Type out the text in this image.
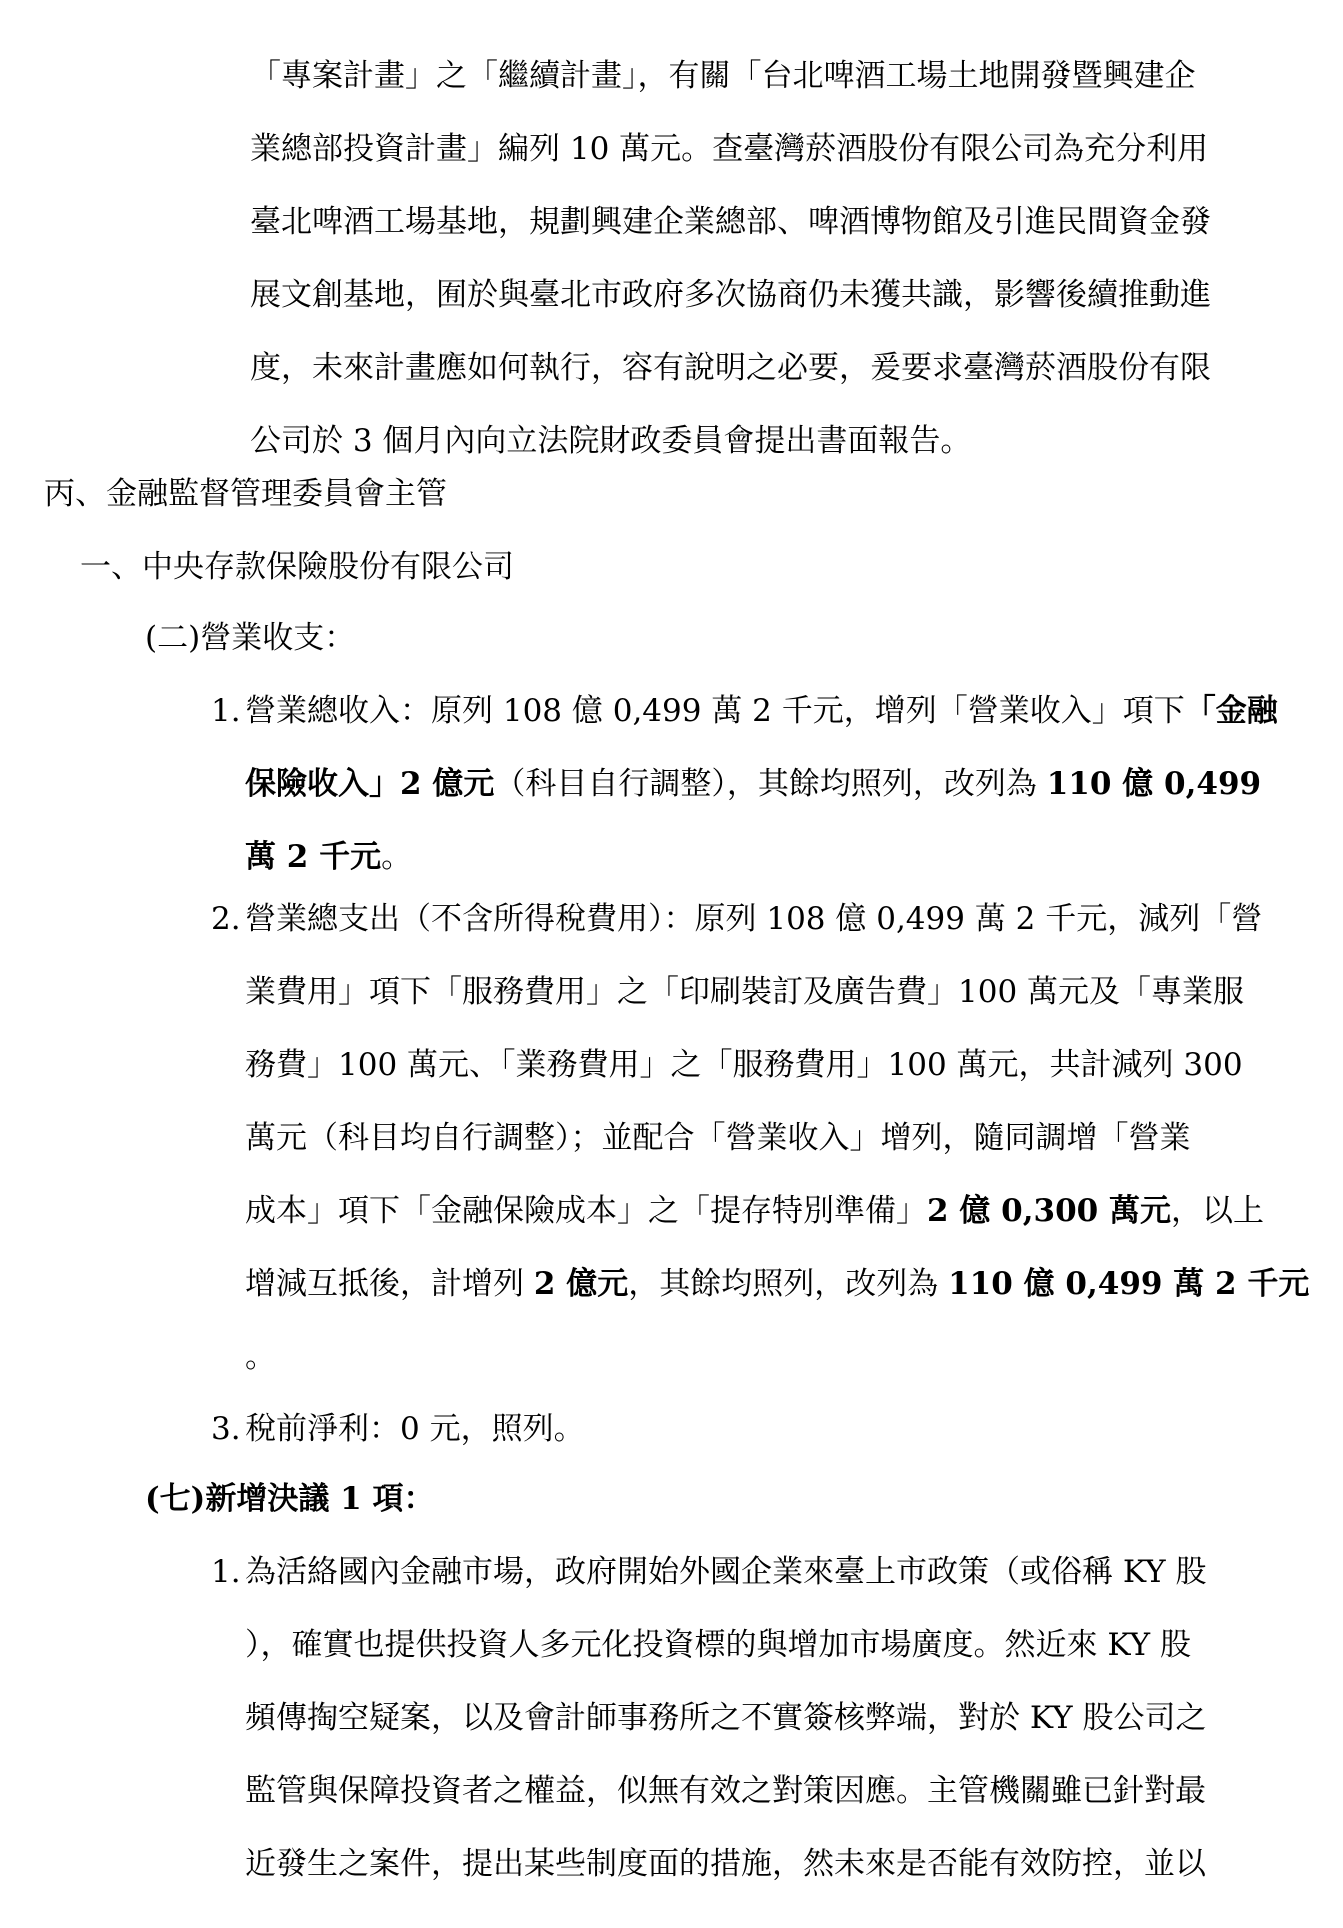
「專案計畫」之「繼續計畫」，有關「台北啤酒工場土地開發暨興建企
業總部投資計畫」編列 10 萬元。查臺灣菸酒股份有限公司為充分利用
臺北啤酒工場基地，規劃興建企業總部、啤酒博物館及引進民間資金發
展文創基地，囿於與臺北市政府多次協商仍未獲共識，影響後續推動進
度，未來計畫應如何執行，容有說明之必要，爰要求臺灣菸酒股份有限
公司於 3 個月內向立法院財政委員會提出書面報告。
丙、金融監督管理委員會主管
一、中央存款保險股份有限公司
(二)營業收支：
1. 營業總收入：原列 108 億 0,499 萬 2 千元，增列「營業收入」項下「金融
保險收入」2 億元（科目自行調整），其餘均照列，改列為 110 億 0,499
萬 2 千元。
2. 營業總支出（不含所得稅費用）：原列 108 億 0,499 萬 2 千元，減列「營
業費用」項下「服務費用」之「印刷裝訂及廣告費」100 萬元及「專業服
務費」100 萬元、「業務費用」之「服務費用」100 萬元，共計減列 300
萬元（科目均自行調整）；並配合「營業收入」增列，隨同調增「營業
成本」項下「金融保險成本」之「提存特別準備」2 億 0,300 萬元，以上
增減互抵後，計增列 2 億元，其餘均照列，改列為 110 億 0,499 萬 2 千元
。
3. 稅前淨利：0 元，照列。
(七)新增決議 1 項：
1. 為活絡國內金融市場，政府開始外國企業來臺上市政策（或俗稱 KY 股
），確實也提供投資人多元化投資標的與增加市場廣度。然近來 KY 股
頻傳掏空疑案，以及會計師事務所之不實簽核弊端，對於 KY 股公司之
監管與保障投資者之權益，似無有效之對策因應。主管機關雖已針對最
近發生之案件，提出某些制度面的措施，然未來是否能有效防控，並以
